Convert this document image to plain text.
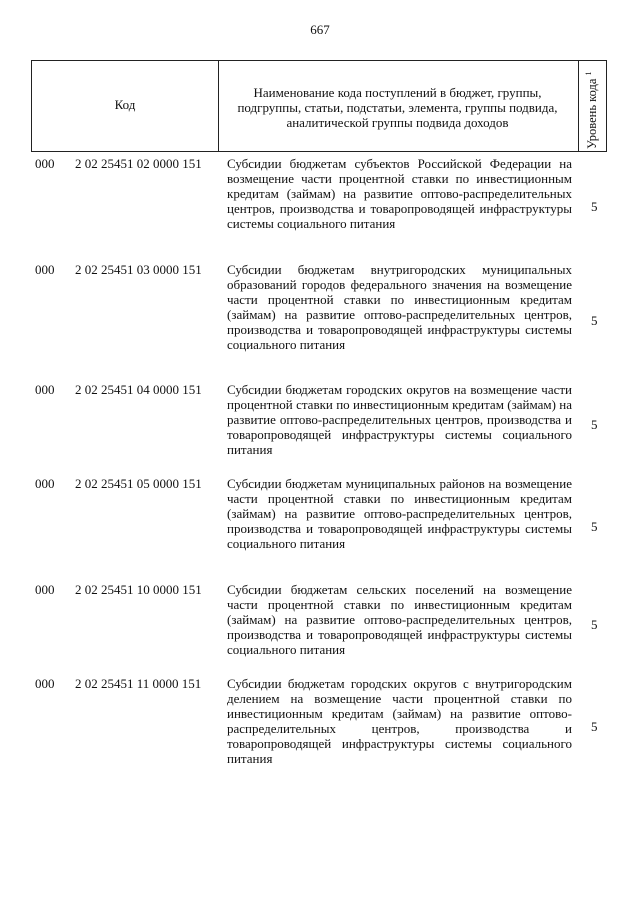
667
Код
Наименование кода поступлений в бюджет, группы, подгруппы, статьи, подстатьи, элемента, группы подвида, аналитической группы подвида доходов	Уровень кода $^1$
000 2 02 25451 02 0000 151 Субсидии бюджетам субъектов Российской Федерации на возмещение части процентной ставки по инвестиционным кредитам (займам) на развитие оптово-распределительных центров, производства и товаропроводящей инфраструктуры системы социального питания
5
000 2 02 25451 03 0000 151 Субсидии бюджетам внутригородских муниципальных образований городов федерального значения на возмещение части процентной ставки по инвестиционным кредитам (займам) на развитие оптово-распределительных центров, производства и товаропроводящей инфраструктуры системы социального питания
5
000 2 02 25451 04 0000 151 Субсидии бюджетам городских округов на возмещение части процентной ставки по инвестиционным кредитам (займам) на развитие оптово-распределительных центров, производства и товаропроводящей инфраструктуры системы социального питания
5
000 2 02 25451 05 0000 151 Субсидии бюджетам муниципальных районов на возмещение части процентной ставки по инвестиционным кредитам (займам) на развитие оптово-распределительных центров, производства и товаропроводящей инфраструктуры системы социального питания
5
000 2 02 25451 10 0000 151 Субсидии бюджетам сельских поселений на возмещение части процентной ставки по инвестиционным кредитам (займам) на развитие оптово-распределительных центров, производства и товаропроводящей инфраструктуры системы социального питания
5
000 2 02 25451 11 0000 151 Субсидии бюджетам городских округов с внутригородским делением на возмещение части процентной ставки по инвестиционным кредитам (займам) на развитие оптово-распределительных центров, производства и товаропроводящей инфраструктуры системы социального питания
5
